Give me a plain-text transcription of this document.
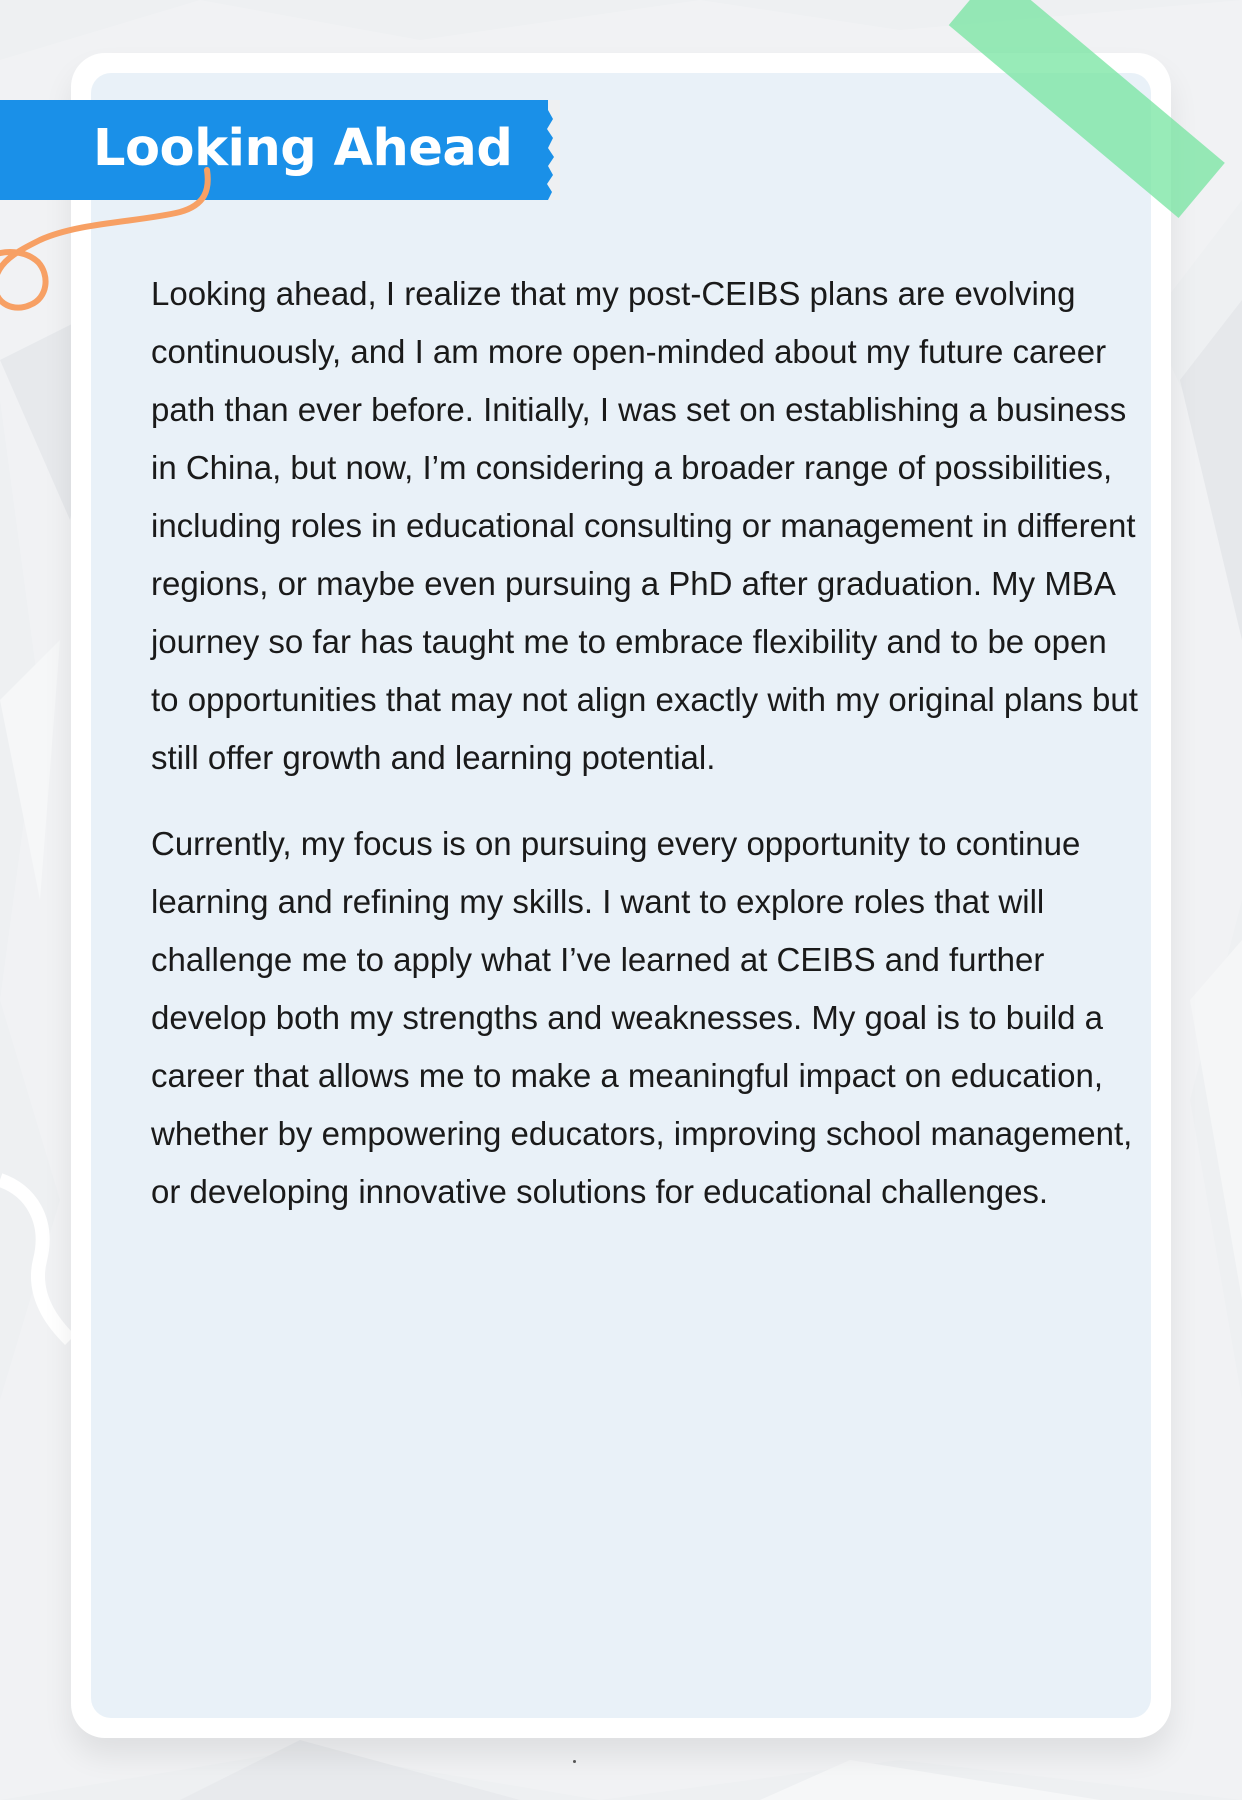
Looking Ahead

Looking ahead, I realize that my post-CEIBS plans are evolving continuously, and I am more open-minded about my future career path than ever before. Initially, I was set on establishing a business in China, but now, I’m considering a broader range of possibilities, including roles in educational consulting or management in different regions, or maybe even pursuing a PhD after graduation. My MBA journey so far has taught me to embrace flexibility and to be open to opportunities that may not align exactly with my original plans but still offer growth and learning potential.

Currently, my focus is on pursuing every opportunity to continue learning and refining my skills. I want to explore roles that will challenge me to apply what I’ve learned at CEIBS and further develop both my strengths and weaknesses. My goal is to build a career that allows me to make a meaningful impact on education, whether by empowering educators, improving school management, or developing innovative solutions for educational challenges.
